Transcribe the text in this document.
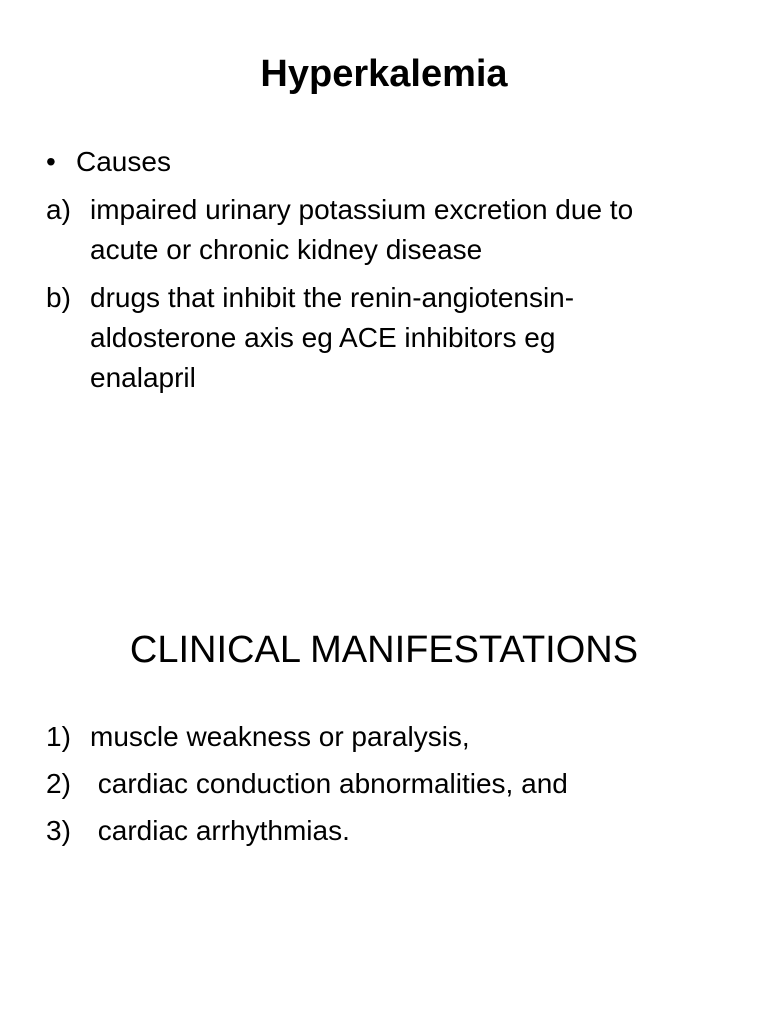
Hyperkalemia
• Causes
a) impaired urinary potassium excretion due to
acute or chronic kidney disease
b) drugs that inhibit the renin-angiotensin-
aldosterone axis eg ACE inhibitors eg
enalapril
CLINICAL MANIFESTATIONS
1) muscle weakness or paralysis,
2) cardiac conduction abnormalities, and
3) cardiac arrhythmias.
